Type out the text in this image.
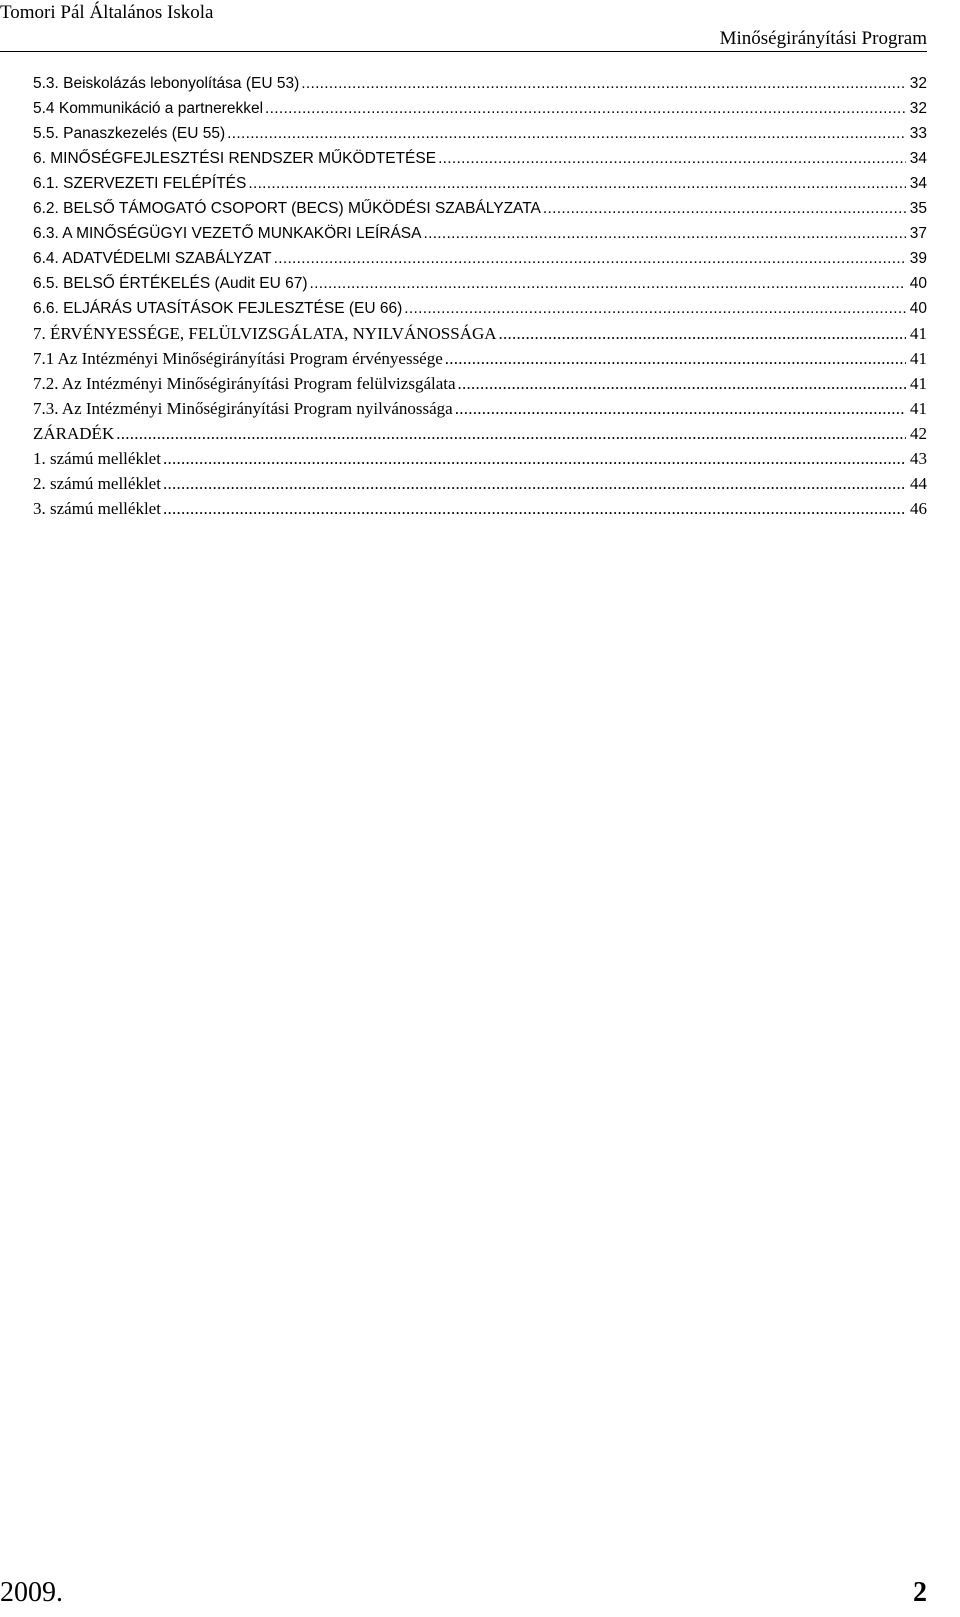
Tomori Pál Általános Iskola
Minőségirányítási Program
5.3. Beiskolázás lebonyolítása (EU 53) . . .	32
5.4 Kommunikáció a partnerekkel . . .	32
5.5. Panaszkezelés (EU 55) . . .	33
6. MINŐSÉGFEJLESZTÉSI RENDSZER MŰKÖDTETÉSE . . .	34
6.1. SZERVEZETI FELÉPÍTÉS . . .	34
6.2. BELSŐ TÁMOGATÓ CSOPORT (BECS) MŰKÖDÉSI SZABÁLYZATA . . .	35
6.3. A MINŐSÉGÜGYI VEZETŐ MUNKAKÖRI LEÍRÁSA . . .	37
6.4. ADATVÉDELMI SZABÁLYZAT . . .	39
6.5. BELSŐ ÉRTÉKELÉS (Audit EU 67) . . .	40
6.6. ELJÁRÁS UTASÍTÁSOK FEJLESZTÉSE (EU 66) . . .	40
7. ÉRVÉNYESSÉGE, FELÜLVIZSGÁLATA, NYILVÁNOSSÁGA . . .	41
7.1 Az Intézményi Minőségirányítási Program érvényessége . . .	41
7.2. Az Intézményi Minőségirányítási Program felülvizsgálata . . .	41
7.3. Az Intézményi Minőségirányítási Program nyilvánossága . . .	41
ZÁRADÉK . . .	42
1. számú melléklet . . .	43
2. számú melléklet . . .	44
3. számú melléklet . . .	46
2009.	2
